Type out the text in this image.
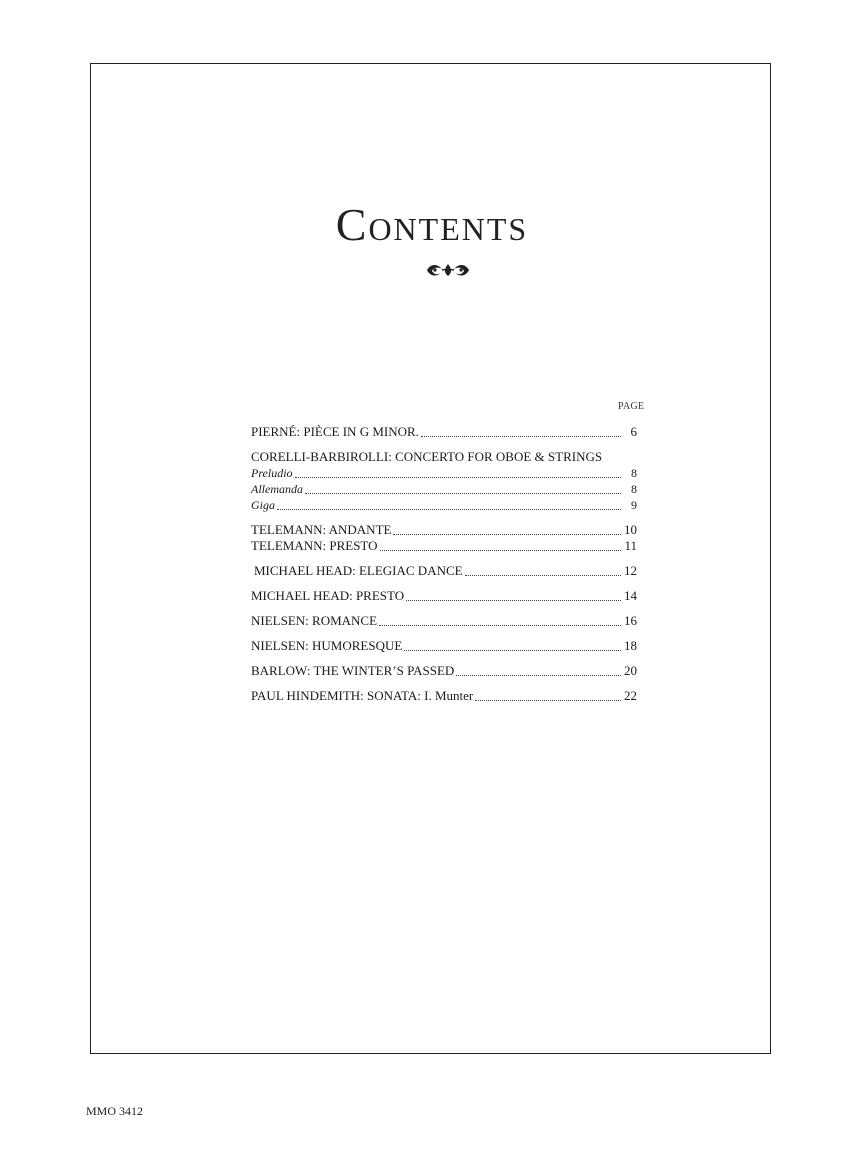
Contents
PAGE
PIERNÉ: PIÈCE IN G MINOR.	6
CORELLI-BARBIROLLI: CONCERTO FOR OBOE & STRINGS
Preludio	8
Allemanda	8
Giga	9
TELEMANN: ANDANTE	10
TELEMANN: PRESTO	11
MICHAEL HEAD: ELEGIAC DANCE	12
MICHAEL HEAD: PRESTO	14
NIELSEN: ROMANCE	16
NIELSEN: HUMORESQUE	18
BARLOW: THE WINTER’S PASSED	20
PAUL HINDEMITH: SONATA: I. Munter	22
MMO 3412
